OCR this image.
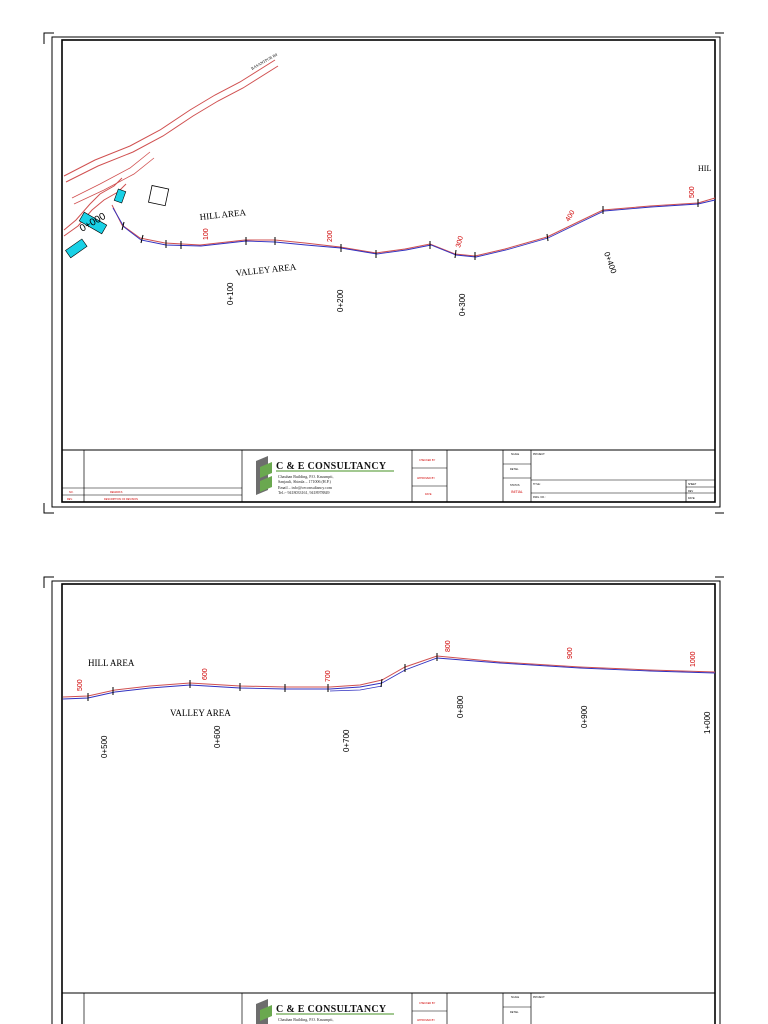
BASANTPUR Rd
HILL AREA
VALLEY AREA
HIL
0+000	100	200	300
400
500
0+100	0+200	0+300
0+400
NO.
REV.
REMARKS
DESCRIPTION OF REVISION
C & E CONSULTANCY
Chauhan Building, P.O. Kasumpti,
Sanjauli, Shimla – 171006 (H.P.)
Email – info@ceconsultancy.com
Tel.:- 9418033161, 9418978849
CHECKED BY
APPROVED BY
DATE
SCALE
DETAIL
STATUS
INITIAL
PROJECT:
TITLE:
DWG. NO.:
SHEET
REV
DATE:
HILL AREA
VALLEY AREA
500
600	700
800
900	1000
0+500	0+600	0+700
0+800	0+900	1+000
C & E CONSULTANCY
Chauhan Building, P.O. Kasumpti,
CHECKED BY
APPROVED BY
SCALE
DETAIL
PROJECT:
